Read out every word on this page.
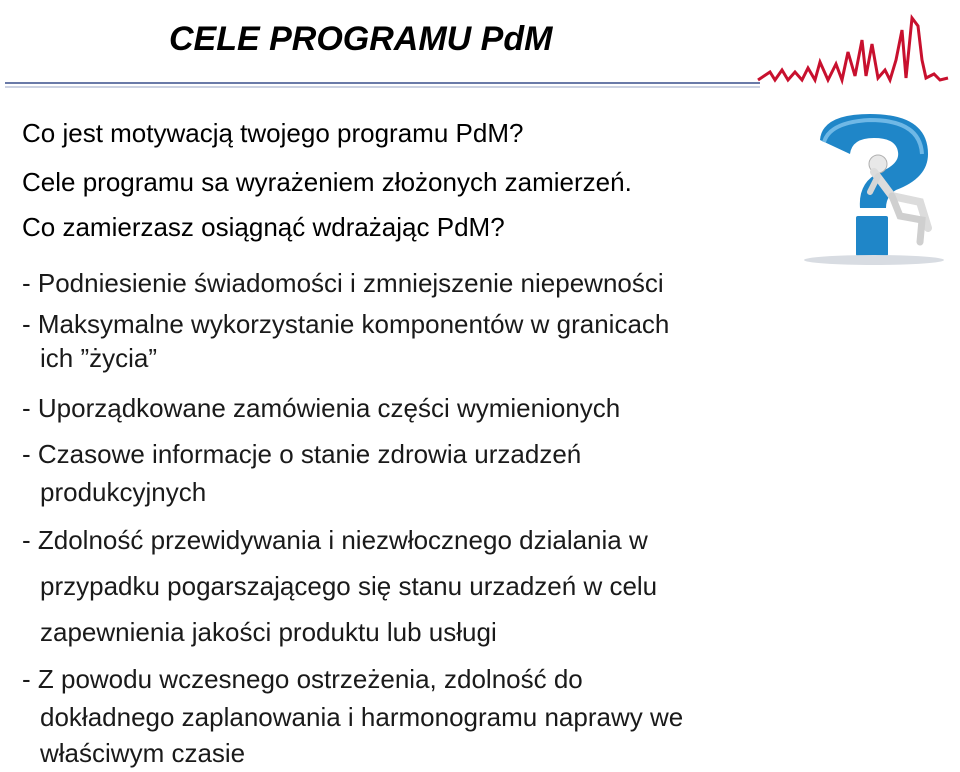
CELE PROGRAMU PdM
Co jest motywacją twojego programu PdM?
Cele programu sa wyrażeniem złożonych zamierzeń.
Co zamierzasz osiągnąć wdrażając PdM?
- Podniesienie świadomości i zmniejszenie niepewności
- Maksymalne wykorzystanie komponentów w granicach
ich ”życia”
- Uporządkowane zamówienia części wymienionych
- Czasowe informacje o stanie zdrowia urzadzeń
produkcyjnych
- Zdolność przewidywania i niezwłocznego dzialania w
przypadku pogarszającego się stanu urzadzeń w celu
zapewnienia jakości produktu lub usługi
- Z powodu wczesnego ostrzeżenia, zdolność do
dokładnego zaplanowania i harmonogramu naprawy we
właściwym czasie
